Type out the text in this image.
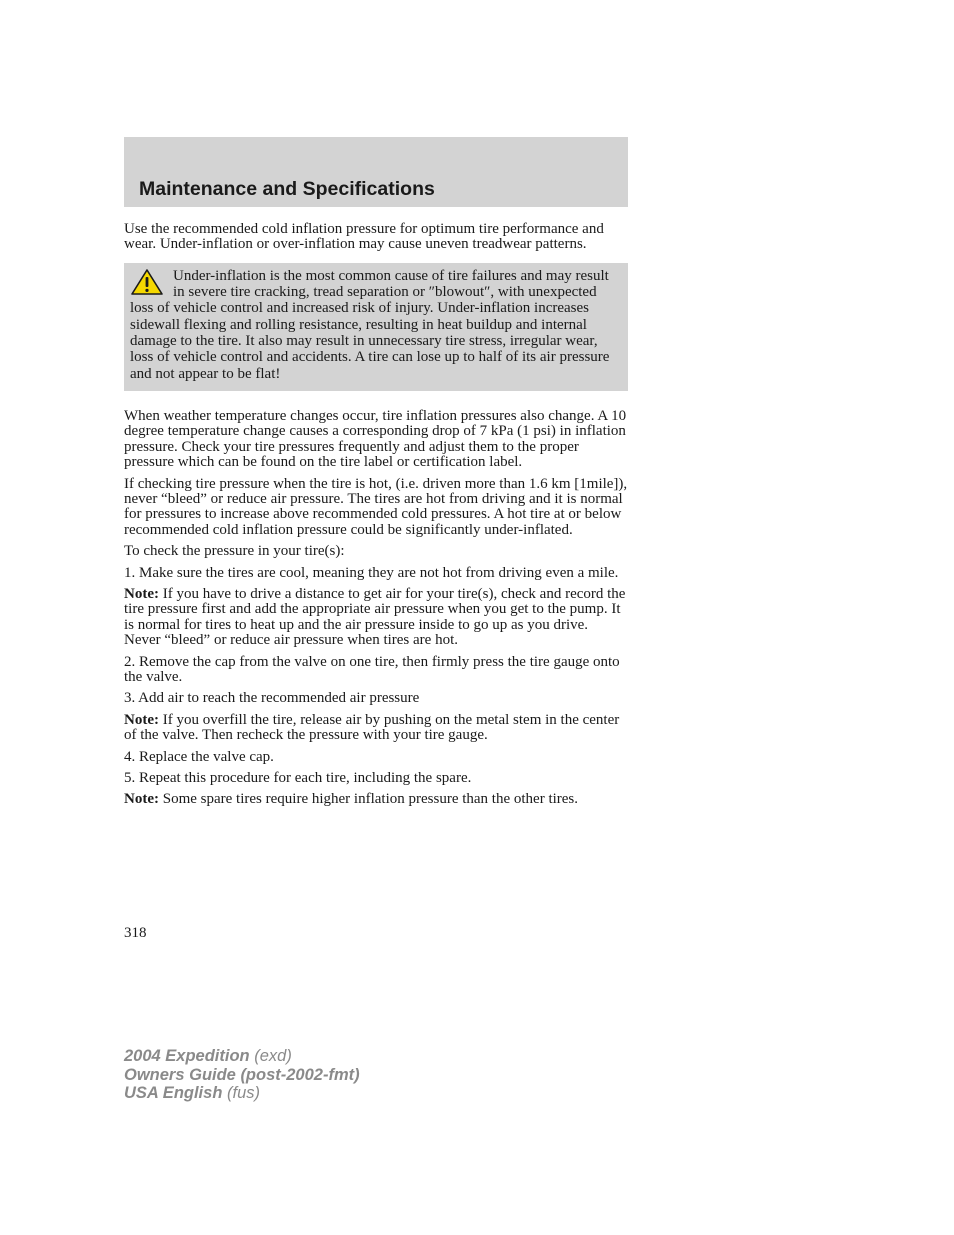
Maintenance and Specifications

Use the recommended cold inflation pressure for optimum tire performance and wear. Under-inflation or over-inflation may cause uneven treadwear patterns.

Under-inflation is the most common cause of tire failures and may result in severe tire cracking, tread separation or ″blowout″, with unexpected loss of vehicle control and increased risk of injury. Under-inflation increases sidewall flexing and rolling resistance, resulting in heat buildup and internal damage to the tire. It also may result in unnecessary tire stress, irregular wear, loss of vehicle control and accidents. A tire can lose up to half of its air pressure and not appear to be flat!

When weather temperature changes occur, tire inflation pressures also change. A 10 degree temperature change causes a corresponding drop of 7 kPa (1 psi) in inflation pressure. Check your tire pressures frequently and adjust them to the proper pressure which can be found on the tire label or certification label.

If checking tire pressure when the tire is hot, (i.e. driven more than 1.6 km [1mile]), never “bleed” or reduce air pressure. The tires are hot from driving and it is normal for pressures to increase above recommended cold pressures. A hot tire at or below recommended cold inflation pressure could be significantly under-inflated.

To check the pressure in your tire(s):

1. Make sure the tires are cool, meaning they are not hot from driving even a mile.

Note: If you have to drive a distance to get air for your tire(s), check and record the tire pressure first and add the appropriate air pressure when you get to the pump. It is normal for tires to heat up and the air pressure inside to go up as you drive. Never “bleed” or reduce air pressure when tires are hot.

2. Remove the cap from the valve on one tire, then firmly press the tire gauge onto the valve.

3. Add air to reach the recommended air pressure

Note: If you overfill the tire, release air by pushing on the metal stem in the center of the valve. Then recheck the pressure with your tire gauge.

4. Replace the valve cap.

5. Repeat this procedure for each tire, including the spare.

Note: Some spare tires require higher inflation pressure than the other tires.

318
2004 Expedition (exd)
Owners Guide (post-2002-fmt)
USA English (fus)
